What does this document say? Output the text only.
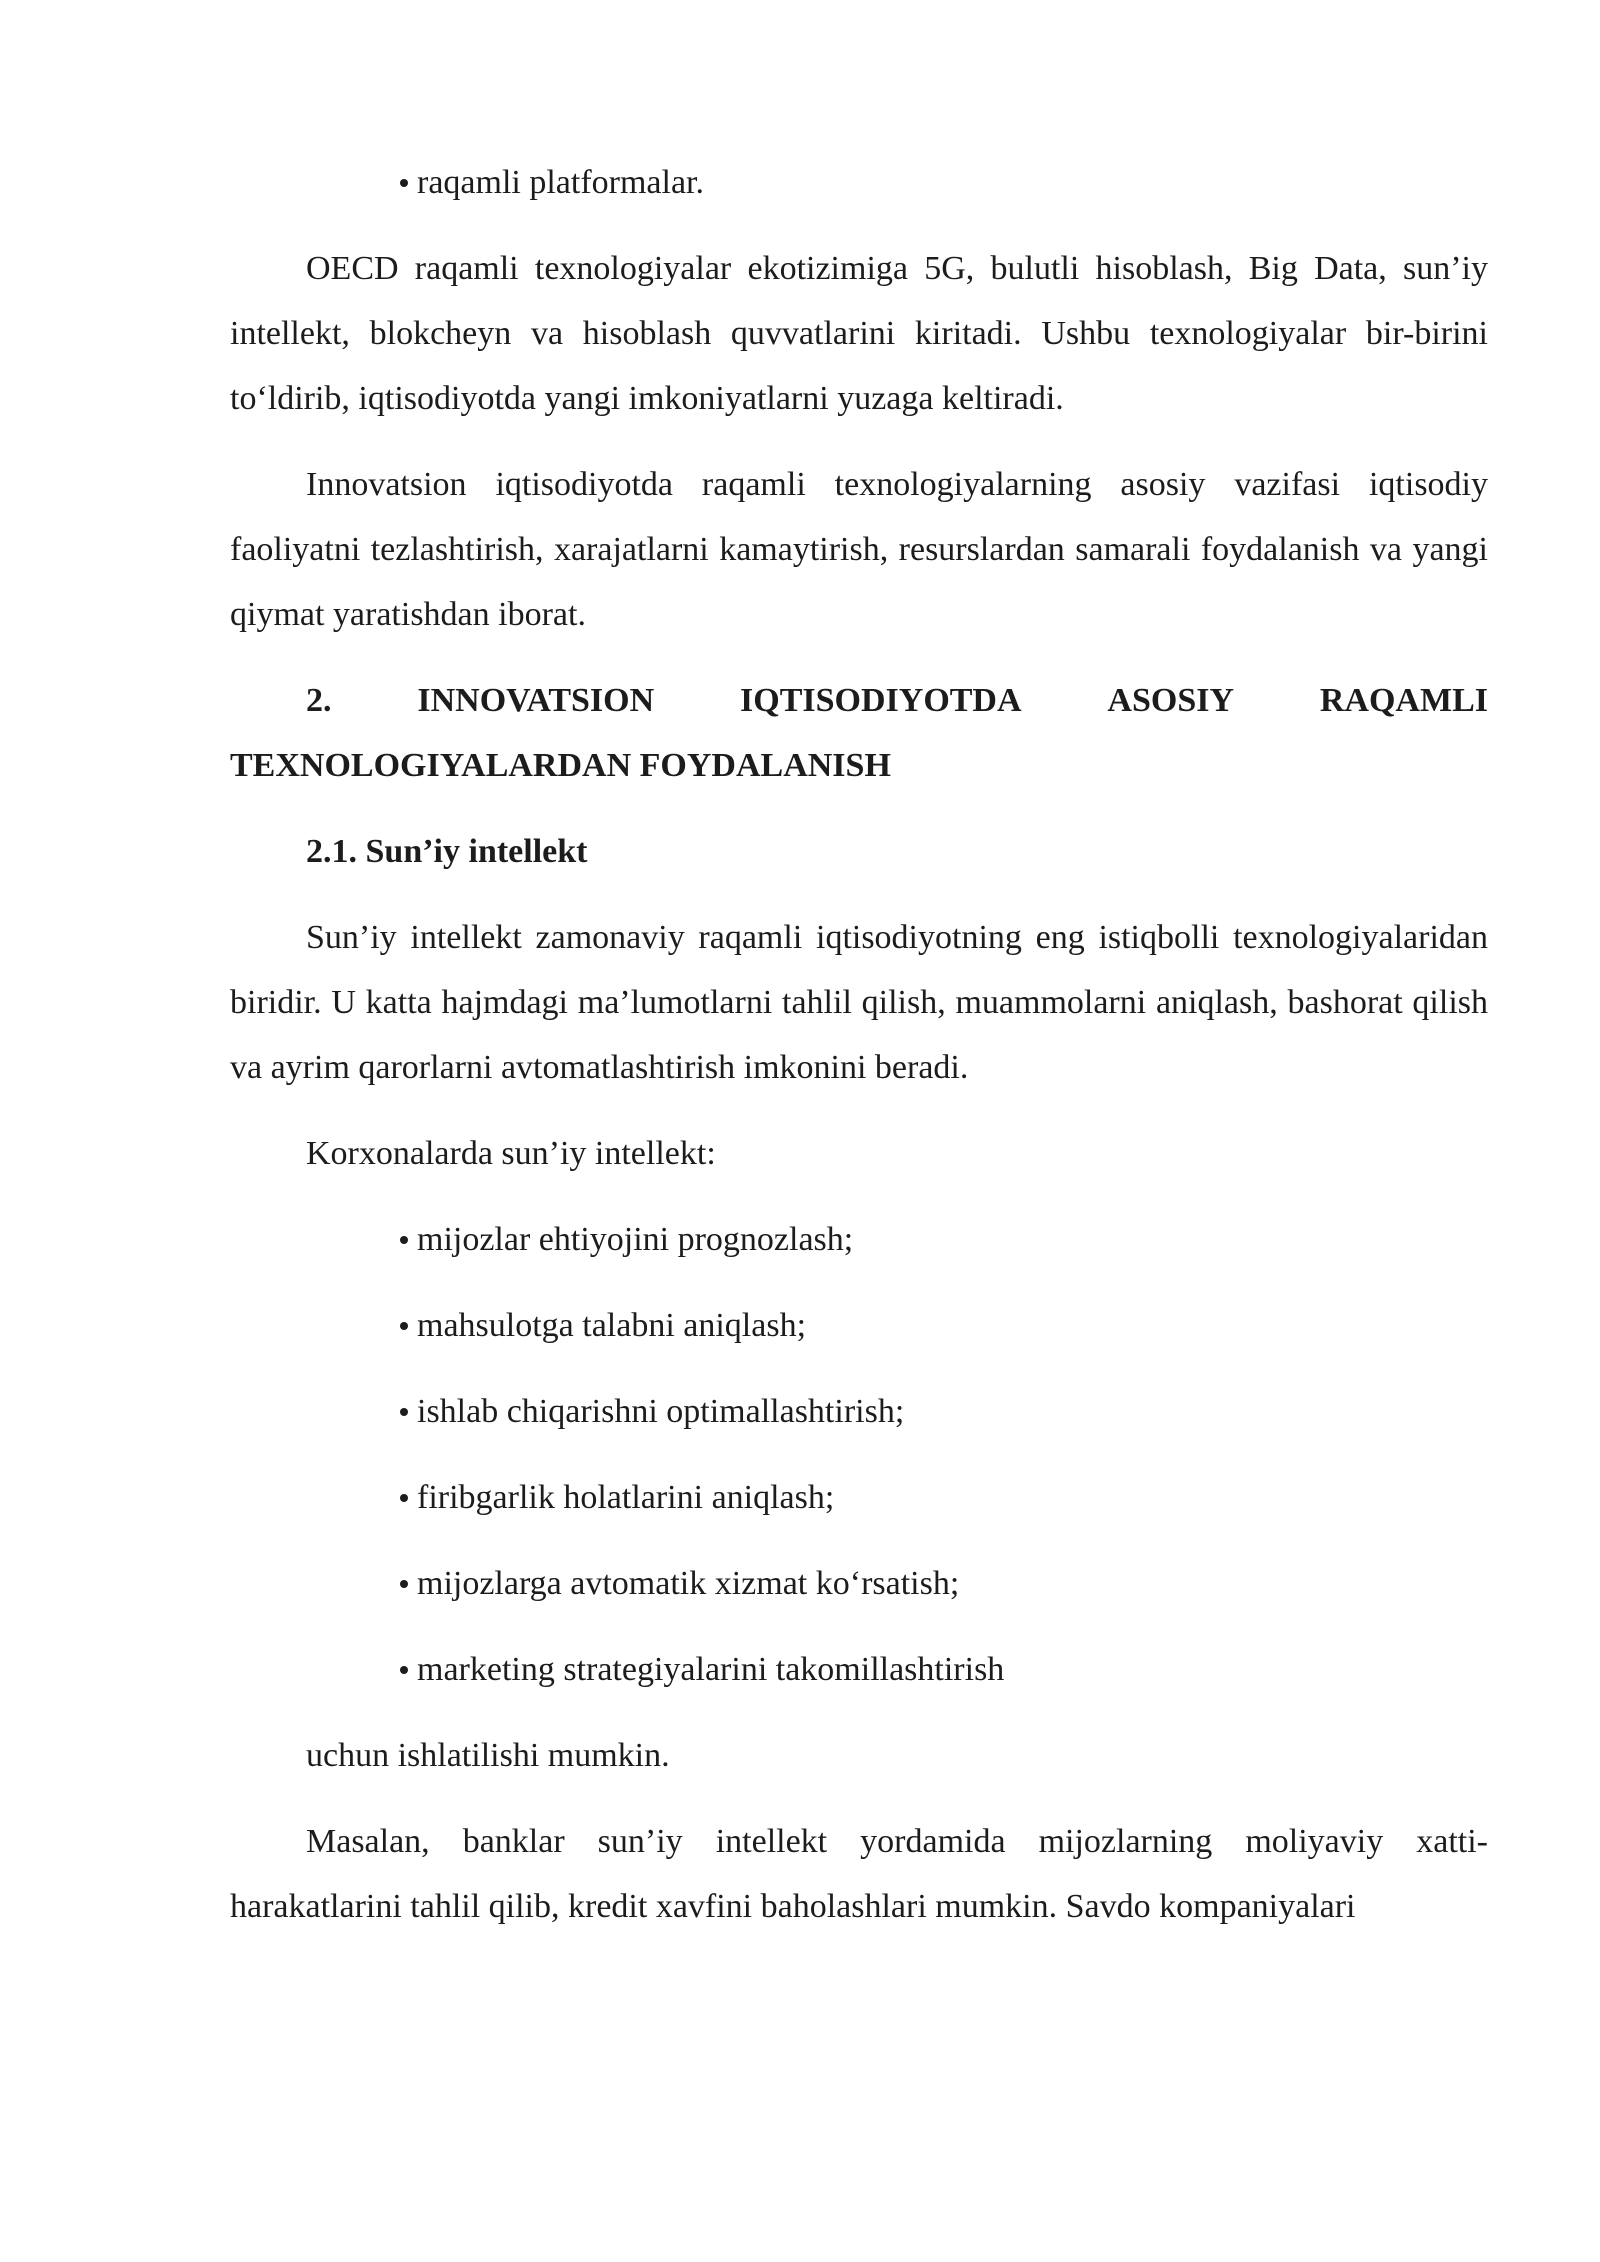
raqamli platformalar.

OECD raqamli texnologiyalar ekotizimiga 5G, bulutli hisoblash, Big Data, sun’iy intellekt, blokcheyn va hisoblash quvvatlarini kiritadi. Ushbu texnologiyalar bir-birini to‘ldirib, iqtisodiyotda yangi imkoniyatlarni yuzaga keltiradi.

Innovatsion iqtisodiyotda raqamli texnologiyalarning asosiy vazifasi iqtisodiy faoliyatni tezlashtirish, xarajatlarni kamaytirish, resurslardan samarali foydalanish va yangi qiymat yaratishdan iborat.

2.	INNOVATSION	IQTISODIYOTDA	ASOSIY	RAQAMLI
TEXNOLOGIYALARDAN FOYDALANISH

2.1. Sun’iy intellekt

Sun’iy intellekt zamonaviy raqamli iqtisodiyotning eng istiqbolli texnologiyalaridan biridir. U katta hajmdagi ma’lumotlarni tahlil qilish, muammolarni aniqlash, bashorat qilish va ayrim qarorlarni avtomatlashtirish imkonini beradi.

Korxonalarda sun’iy intellekt:

mijozlar ehtiyojini prognozlash;

mahsulotga talabni aniqlash;

ishlab chiqarishni optimallashtirish;

firibgarlik holatlarini aniqlash;

mijozlarga avtomatik xizmat ko‘rsatish;

marketing strategiyalarini takomillashtirish

uchun ishlatilishi mumkin.

Masalan, banklar sun’iy intellekt yordamida mijozlarning moliyaviy xatti-harakatlarini tahlil qilib, kredit xavfini baholashlari mumkin. Savdo kompaniyalari
